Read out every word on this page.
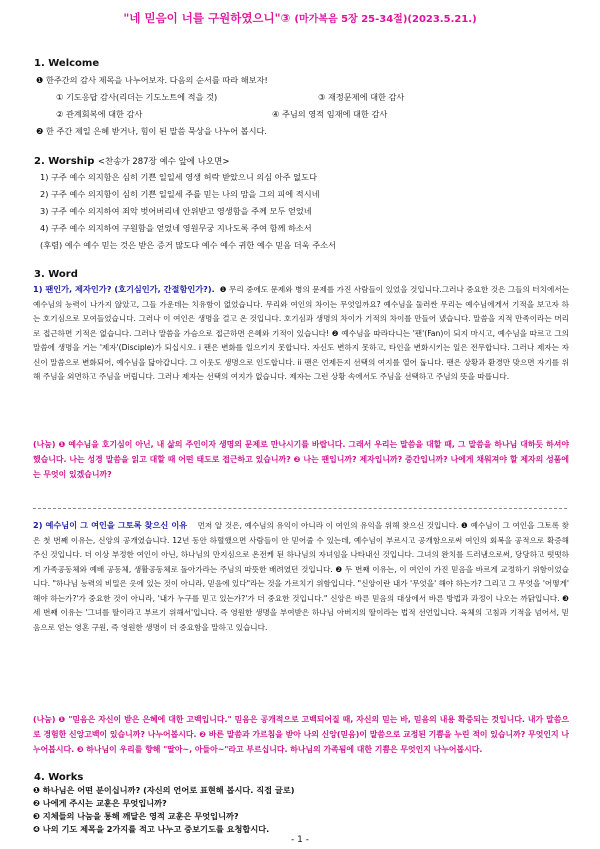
"네 믿음이 너를 구원하였으니"③ (마가복음 5장 25-34절)(2023.5.21.)
1. Welcome
❶ 한주간의 감사 제목을 나누어보자. 다음의 순서를 따라 해보자!
① 기도응답 감사(리더는 기도노트에 적을 것)	③ 재정문제에 대한 감사
② 관계회복에 대한 감사	④ 주님의 영적 임재에 대한 감사
❷ 한 주간 제일 은혜 받거나, 힘이 된 말씀 묵상을 나누어 봅시다.
2. Worship <찬송가 287장 예수 앞에 나오면>
1) 구주 예수 의지함은 심히 기쁜 일일세 영생 허락 받았으니 의심 아주 없도다
2) 구주 예수 의지함이 심히 기쁜 일일세 주를 믿는 나의 맘을 그의 피에 적시네
3) 구주 예수 의지하여 죄악 벗어버리네 안위받고 영생함을 주께 모두 얻었네
4) 구주 예수 의지하여 구원함을 얻었네 영원무궁 지나도록 주여 함께 하소서
(후렴) 예수 예수 믿는 것은 받은 증거 많도다 예수 예수 귀한 예수 믿음 더욱 주소서
3. Word
1) 팬인가, 제자인가? (호기심인가, 간절함인가?). ❶ 무리 중에도 문제와 병의 문제를 가진 사람들이 있었을 것입니다.그러나 중요한 것은 그들의 터치에서는 예수님의 능력이 나가지 않았고, 그들 가운데는 치유함이 없었습니다. 무리와 여인의 차이는 무엇일까요? 예수님을 둘러싼 무리는 예수님에게서 기적을 보고자 하는 호기심으로 모여들었습니다. 그러나 이 여인은 생명을 걸고 온 것입니다. 호기심과 생명의 차이가 기적의 차이를 만들어 냈습니다. 말씀을 지적 만족이라는 머리로 접근하면 기적은 없습니다. 그러나 말씀을 가슴으로 접근하면 은혜와 기적이 있습니다! ❷ 예수님을 따라다니는 '팬'(Fan)이 되지 마시고, 예수님을 따르고 그의 말씀에 생명을 거는 '제자'(Disciple)가 되십시오. i 팬은 변화를 일으키지 못합니다. 자신도 변하지 못하고, 타인을 변화시키는 일은 전무합니다. 그러나 제자는 자신이 말씀으로 변화되어, 예수님을 닮아갑니다. 그 이웃도 생명으로 인도합니다. ii 팬은 언제든지 선택의 여지를 열어 둡니다. 팬은 상황과 환경만 맞으면 자기를 위해 주님을 외면하고 주님을 버립니다. 그러나 제자는 선택의 여지가 없습니다. 제자는 그런 상황 속에서도 주님을 선택하고 주님의 뜻을 따릅니다.
(나눔) ❶ 예수님을 호기심이 아닌, 내 삶의 주인이자 생명의 문제로 만나시기를 바랍니다. 그래서 우리는 말씀을 대할 때, 그 말씀을 하나님 대하듯 하셔야 했습니다. 나는 성경 말씀을 읽고 대할 때 어떤 태도로 접근하고 있습니까? ❷ 나는 팬입니까? 제자입니까? 중간입니까? 나에게 채워져야 할 제자의 성품에는 무엇이 있겠습니까?
2) 예수님이 그 여인을 그토록 찾으신 이유 먼저 알 것은, 예수님의 유익이 아니라 이 여인의 유익을 위해 찾으신 것입니다. ❶ 예수님이 그 여인을 그토록 찾은 첫 번째 이유는, 신앙의 공개였습니다. 12년 동안 하혈했으면 사람들이 안 믿어줄 수 있는데, 예수님이 부르시고 공개함으로써 여인의 회복을 공적으로 확증해 주신 것입니다. 더 이상 부정한 여인이 아닌, 하나님의 만지심으로 온전케 된 하나님의 자녀임을 나타내신 것입니다. 그녀의 완치를 드러냄으로써, 당당하고 떳떳하게 가족공동체와 예배 공동체, 생활공동체로 돌아가라는 주님의 따뜻한 배려였던 것입니다. ❷ 두 번째 이유는, 이 여인이 가진 믿음을 바르게 교정하기 위함이었습니다. "하나님 능력의 비밀은 옷에 있는 것이 아니라, 믿음에 있다"라는 것을 가르치기 위함입니다. "신앙이란 내가 '무엇을' 해야 하는가? 그리고 그 무엇을 '어떻게' 해야 하는가?'가 중요한 것이 아니라, '내가 누구를 믿고 있는가?'가 더 중요한 것입니다." 신앙은 바른 믿음의 대상에서 바른 방법과 과정이 나오는 까닭입니다. ❸ 세 번째 이유는 '그녀를 딸이라고 부르기 위해서'입니다. 즉 영원한 생명을 부여받은 하나님 아버지의 딸이라는 법적 선언입니다. 육체의 고침과 기적을 넘어서, 믿음으로 얻는 영혼 구원, 즉 영원한 생명이 더 중요함을 말하고 있습니다.
(나눔) ❶ "믿음은 자신이 받은 은혜에 대한 고백입니다." 믿음은 공개적으로 고백되어질 때, 자신의 믿는 바, 믿음의 내용 확증되는 것입니다. 내가 말씀으로 경험한 신앙고백이 있습니까? 나누어봅시다. ❷ 바른 말씀과 가르침을 받아 나의 신앙(믿음)이 말씀으로 교정된 기쁨을 누린 적이 있습니까? 무엇인지 나누어봅시다. ❸ 하나님이 우리를 향해 "딸아~, 아들아~"라고 부르십니다. 하나님의 가족됨에 대한 기쁨은 무엇인지 나누어봅시다.
4. Works
❶ 하나님은 어떤 분이십니까? (자신의 언어로 표현해 봅시다. 직접 글로)
❷ 나에게 주시는 교훈은 무엇입니까?
❸ 지체들의 나눔을 통해 깨달은 영적 교훈은 무엇입니까?
❹ 나의 기도 제목을 2가지를 적고 나누고 중보기도를 요청합시다.
- 1 -
